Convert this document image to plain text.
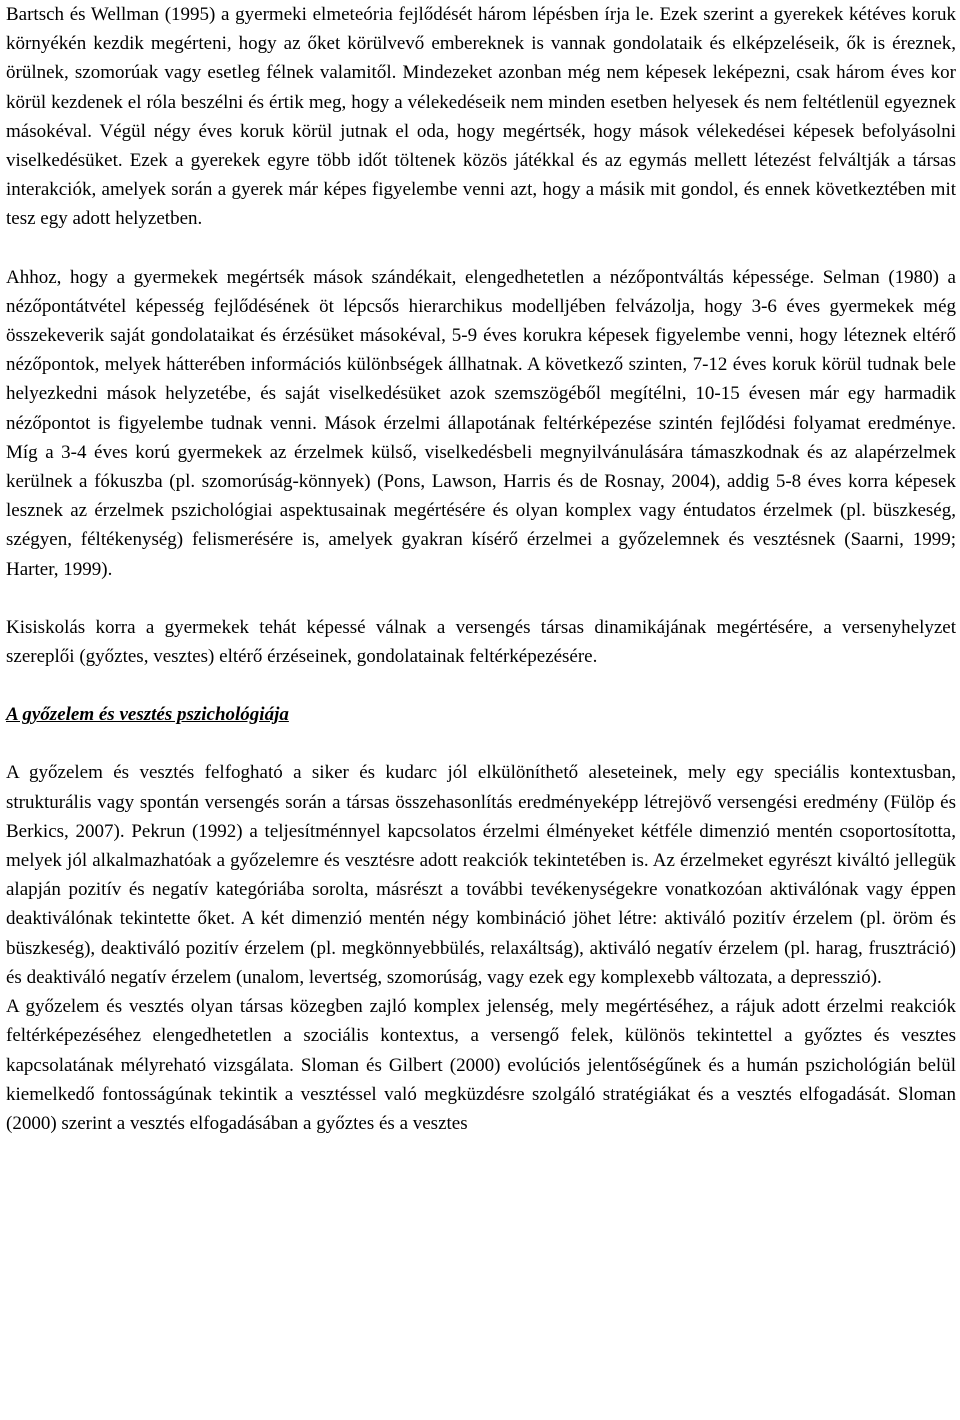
Bartsch és Wellman (1995) a gyermeki elmeteória fejlődését három lépésben írja le. Ezek szerint a gyerekek kétéves koruk környékén kezdik megérteni, hogy az őket körülvevő embereknek is vannak gondolataik és elképzeléseik, ők is éreznek, örülnek, szomorúak vagy esetleg félnek valamitől. Mindezeket azonban még nem képesek leképezni, csak három éves kor körül kezdenek el róla beszélni és értik meg, hogy a vélekedéseik nem minden esetben helyesek és nem feltétlenül egyeznek másokéval. Végül négy éves koruk körül jutnak el oda, hogy megértsék, hogy mások vélekedései képesek befolyásolni viselkedésüket. Ezek a gyerekek egyre több időt töltenek közös játékkal és az egymás mellett létezést felváltják a társas interakciók, amelyek során a gyerek már képes figyelembe venni azt, hogy a másik mit gondol, és ennek következtében mit tesz egy adott helyzetben.

Ahhoz, hogy a gyermekek megértsék mások szándékait, elengedhetetlen a nézőpontváltás képessége. Selman (1980) a nézőpontátvétel képesség fejlődésének öt lépcsős hierarchikus modelljében felvázolja, hogy 3-6 éves gyermekek még összekeverik saját gondolataikat és érzésüket másokéval, 5-9 éves korukra képesek figyelembe venni, hogy léteznek eltérő nézőpontok, melyek hátterében információs különbségek állhatnak. A következő szinten, 7-12 éves koruk körül tudnak bele helyezkedni mások helyzetébe, és saját viselkedésüket azok szemszögéből megítélni, 10-15 évesen már egy harmadik nézőpontot is figyelembe tudnak venni. Mások érzelmi állapotának feltérképezése szintén fejlődési folyamat eredménye. Míg a 3-4 éves korú gyermekek az érzelmek külső, viselkedésbeli megnyilvánulására támaszkodnak és az alapérzelmek kerülnek a fókuszba (pl. szomorúság-könnyek) (Pons, Lawson, Harris és de Rosnay, 2004), addig 5-8 éves korra képesek lesznek az érzelmek pszichológiai aspektusainak megértésére és olyan komplex vagy éntudatos érzelmek (pl. büszkeség, szégyen, féltékenység) felismerésére is, amelyek gyakran kísérő érzelmei a győzelemnek és vesztésnek (Saarni, 1999; Harter, 1999).

Kisiskolás korra a gyermekek tehát képessé válnak a versengés társas dinamikájának megértésére, a versenyhelyzet szereplői (győztes, vesztes) eltérő érzéseinek, gondolatainak feltérképezésére.

A győzelem és vesztés pszichológiája

A győzelem és vesztés felfogható a siker és kudarc jól elkülöníthető aleseteinek, mely egy speciális kontextusban, strukturális vagy spontán versengés során a társas összehasonlítás eredményeképp létrejövő versengési eredmény (Fülöp és Berkics, 2007). Pekrun (1992) a teljesítménnyel kapcsolatos érzelmi élményeket kétféle dimenzió mentén csoportosította, melyek jól alkalmazhatóak a győzelemre és vesztésre adott reakciók tekintetében is. Az érzelmeket egyrészt kiváltó jellegük alapján pozitív és negatív kategóriába sorolta, másrészt a további tevékenységekre vonatkozóan aktiválónak vagy éppen deaktiválónak tekintette őket. A két dimenzió mentén négy kombináció jöhet létre: aktiváló pozitív érzelem (pl. öröm és büszkeség), deaktiváló pozitív érzelem (pl. megkönnyebbülés, relaxáltság), aktiváló negatív érzelem (pl. harag, frusztráció) és deaktiváló negatív érzelem (unalom, levertség, szomorúság, vagy ezek egy komplexebb változata, a depresszió).

A győzelem és vesztés olyan társas közegben zajló komplex jelenség, mely megértéséhez, a rájuk adott érzelmi reakciók feltérképezéséhez elengedhetetlen a szociális kontextus, a versengő felek, különös tekintettel a győztes és vesztes kapcsolatának mélyreható vizsgálata. Sloman és Gilbert (2000) evolúciós jelentőségűnek és a humán pszichológián belül kiemelkedő fontosságúnak tekintik a vesztéssel való megküzdésre szolgáló stratégiákat és a vesztés elfogadását. Sloman (2000) szerint a vesztés elfogadásában a győztes és a vesztes
